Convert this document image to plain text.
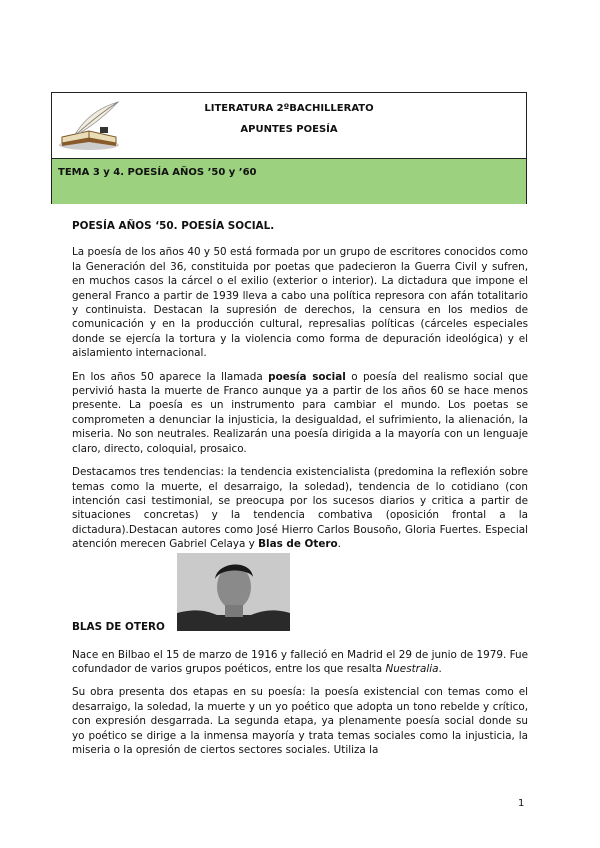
LITERATURA 2ºBACHILLERATO
APUNTES POESÍA
TEMA 3 y 4. POESÍA AÑOS ’50 y ’60
POESÍA AÑOS ‘50. POESÍA SOCIAL.

La poesía de los años 40 y 50 está formada por un grupo de escritores conocidos como la Generación del 36, constituida por poetas que padecieron la Guerra Civil y sufren, en muchos casos la cárcel o el exilio (exterior o interior). La dictadura que impone el general Franco a partir de 1939 lleva a cabo una política represora con afán totalitario y continuista. Destacan la supresión de derechos, la censura en los medios de comunicación y en la producción cultural, represalias políticas (cárceles especiales donde se ejercía la tortura y la violencia como forma de depuración ideológica) y el aislamiento internacional.

En los años 50 aparece la llamada poesía social o poesía del realismo social que pervivió hasta la muerte de Franco aunque ya a partir de los años 60 se hace menos presente. La poesía es un instrumento para cambiar el mundo. Los poetas se comprometen a denunciar la injusticia, la desigualdad, el sufrimiento, la alienación, la miseria. No son neutrales. Realizarán una poesía dirigida a la mayoría con un lenguaje claro, directo, coloquial, prosaico.

Destacamos tres tendencias: la tendencia existencialista (predomina la reflexión sobre temas como la muerte, el desarraigo, la soledad), tendencia de lo cotidiano (con intención casi testimonial, se preocupa por los sucesos diarios y critica a partir de situaciones concretas) y la tendencia combativa (oposición frontal a la dictadura).Destacan autores como José Hierro Carlos Bousoño, Gloria Fuertes. Especial atención merecen Gabriel Celaya y Blas de Otero.

BLAS DE OTERO

Nace en Bilbao el 15 de marzo de 1916 y falleció en Madrid el 29 de junio de 1979. Fue cofundador de varios grupos poéticos, entre los que resalta Nuestralia.

Su obra presenta dos etapas en su poesía: la poesía existencial con temas como el desarraigo, la soledad, la muerte y un yo poético que adopta un tono rebelde y crítico, con expresión desgarrada. La segunda etapa, ya plenamente poesía social donde su yo poético se dirige a la inmensa mayoría y trata temas sociales como la injusticia, la miseria o la opresión de ciertos sectores sociales. Utiliza la

1
